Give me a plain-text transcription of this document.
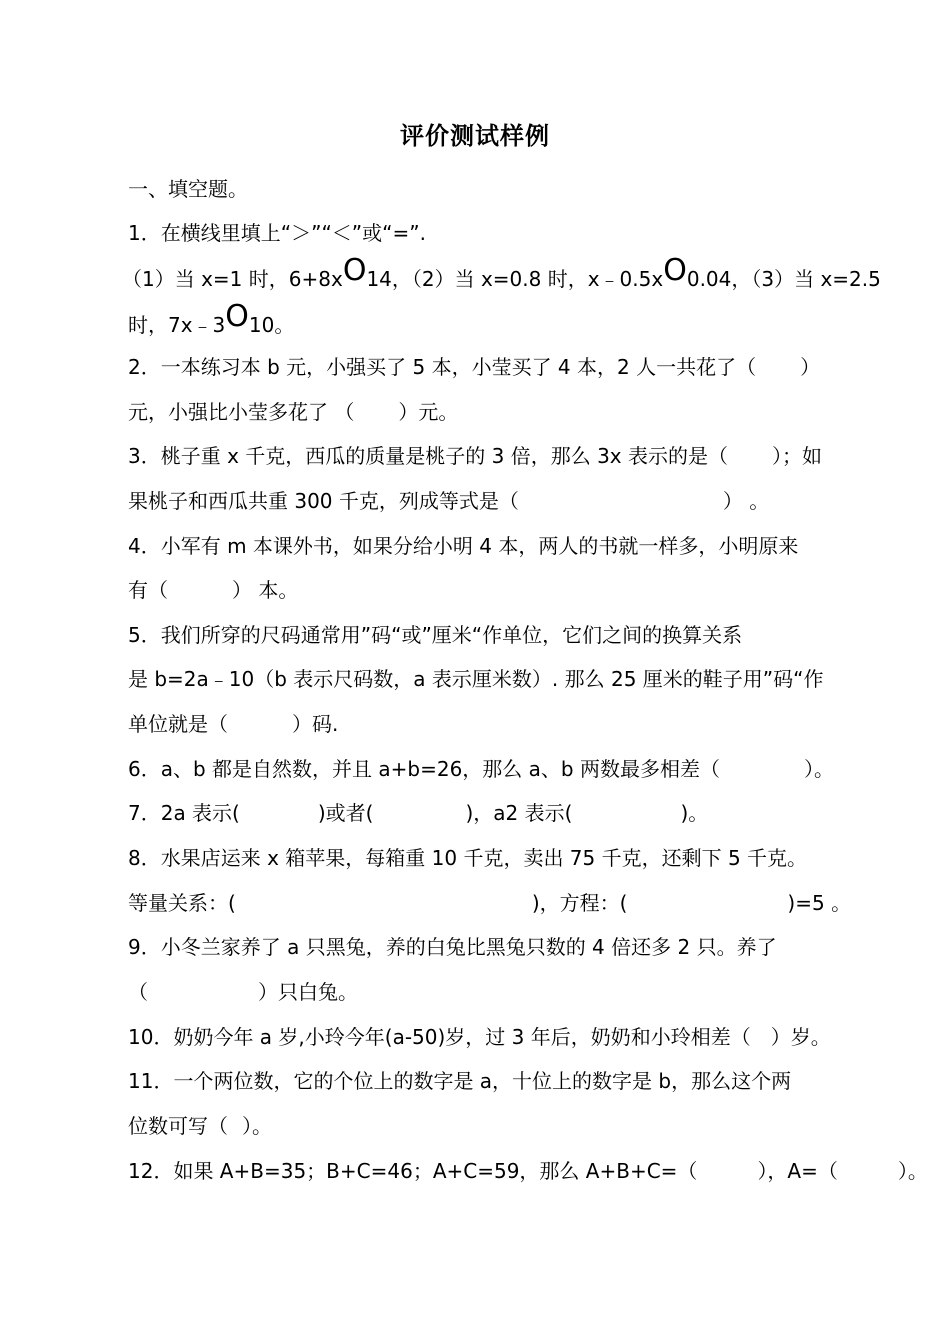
评价测试样例
一、填空题。
1．在横线里填上“＞”“＜”或“=”.
（1）当 x=1 时，6+8xO14，（2）当 x=0.8 时，x﹣0.5xO0.04，（3）当 x=2.5
时，7x﹣3O10。
2．一本练习本 b 元，小强买了 5 本，小莹买了 4 本，2 人一共花了（ ）
元，小强比小莹多花了 （ ）元。
3．桃子重 x 千克，西瓜的质量是桃子的 3 倍，那么 3x 表示的是（ ）；如
果桃子和西瓜共重 300 千克，列成等式是（	） 。
4．小军有 m 本课外书，如果分给小明 4 本，两人的书就一样多，小明原来
有（	） 本。
5．我们所穿的尺码通常用”码“或”厘米“作单位，它们之间的换算关系
是 b=2a﹣10（b 表示尺码数，a 表示厘米数）. 那么 25 厘米的鞋子用”码“作
单位就是（	）码.
6．a、b 都是自然数，并且 a+b=26，那么 a、b 两数最多相差（	）。
7．2a 表示(	)或者(	)，a2 表示(	)。
8．水果店运来 x 箱苹果，每箱重 10 千克，卖出 75 千克，还剩下 5 千克。
等量关系：(	)，方程：(	)=5 。
9．小冬兰家养了 a 只黑兔，养的白兔比黑兔只数的 4 倍还多 2 只。养了
（	）只白兔。
10．奶奶今年 a 岁,小玲今年(a-50)岁，过 3 年后，奶奶和小玲相差（ ）岁。
11．一个两位数，它的个位上的数字是 a，十位上的数字是 b，那么这个两
位数可写（ ）。
12．如果 A+B=35；B+C=46；A+C=59，那么 A+B+C=（	），A=（	）。
